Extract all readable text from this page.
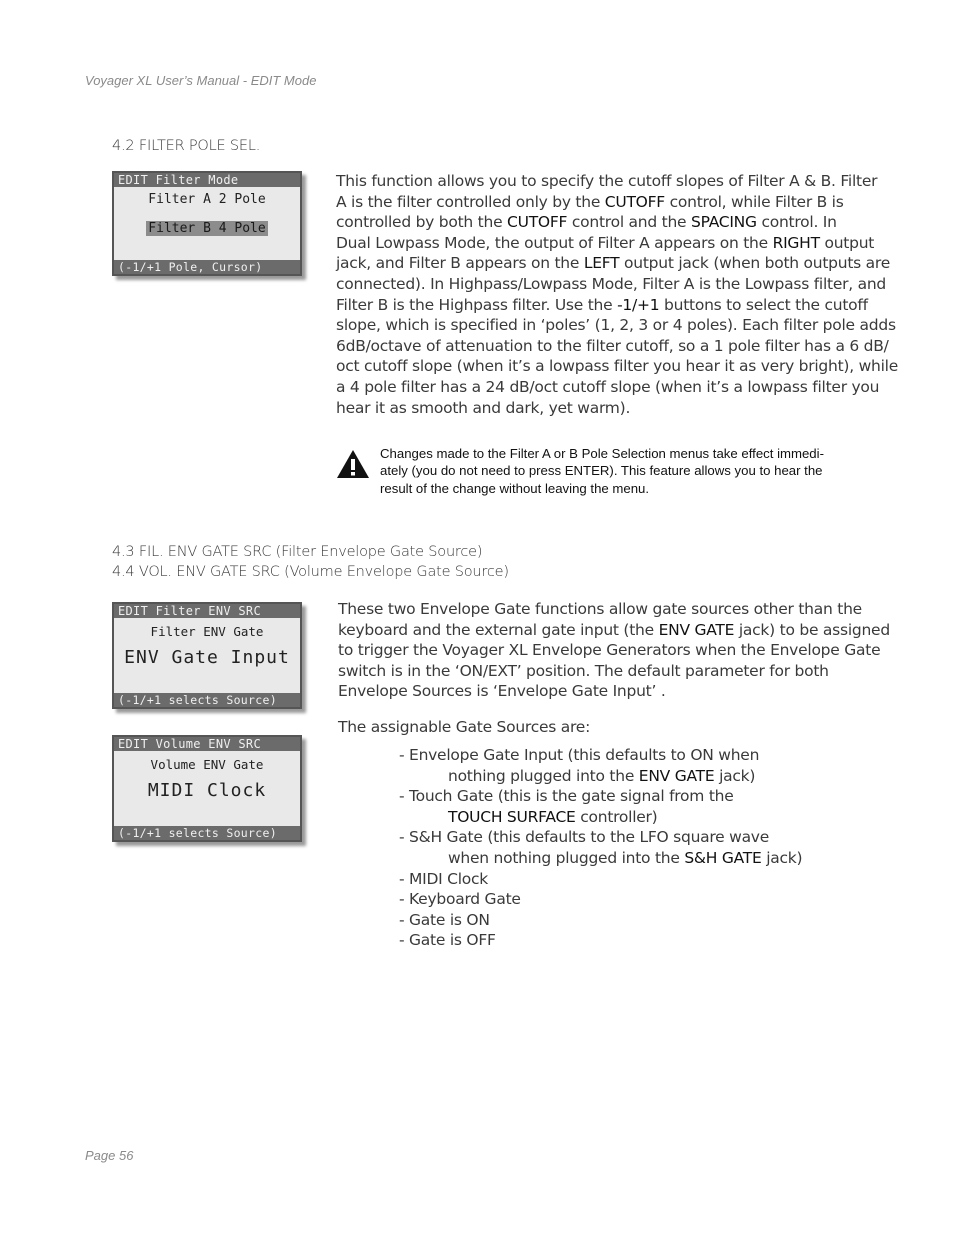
Voyager XL User’s Manual - EDIT Mode
4.2 FILTER POLE SEL.
EDIT Filter Mode
Filter A 2 Pole
Filter B 4 Pole
(-1/+1 Pole, Cursor)

This function allows you to specify the cutoff slopes of Filter A & B. Filter

A is the filter controlled only by the CUTOFF control, while Filter B is

controlled by both the CUTOFF control and the SPACING control. In

Dual Lowpass Mode, the output of Filter A appears on the RIGHT output

jack, and Filter B appears on the LEFT output jack (when both outputs are

connected). In Highpass/Lowpass Mode, Filter A is the Lowpass filter, and

Filter B is the Highpass filter. Use the -1/+1 buttons to select the cutoff

slope, which is specified in ‘poles’ (1, 2, 3 or 4 poles). Each filter pole adds

6dB/octave of attenuation to the filter cutoff, so a 1 pole filter has a 6 dB/

oct cutoff slope (when it’s a lowpass filter you hear it as very bright), while

a 4 pole filter has a 24 dB/oct cutoff slope (when it’s a lowpass filter you

hear it as smooth and dark, yet warm).

Changes made to the Filter A or B Pole Selection menus take effect immedi-

ately (you do not need to press ENTER). This feature allows you to hear the

result of the change without leaving the menu.

4.3 FIL. ENV GATE SRC (Filter Envelope Gate Source)
4.4 VOL. ENV GATE SRC (Volume Envelope Gate Source)
EDIT Filter ENV SRC
Filter ENV Gate
ENV Gate Input
(-1/+1 selects Source)
EDIT Volume ENV SRC
Volume ENV Gate
MIDI Clock
(-1/+1 selects Source)

These two Envelope Gate functions allow gate sources other than the

keyboard and the external gate input (the ENV GATE jack) to be assigned

to trigger the Voyager XL Envelope Generators when the Envelope Gate

switch is in the ‘ON/EXT’ position. The default parameter for both

Envelope Sources is ‘Envelope Gate Input’ .

The assignable Gate Sources are:
- Envelope Gate Input (this defaults to ON when
nothing plugged into the ENV GATE jack)
- Touch Gate (this is the gate signal from the
TOUCH SURFACE controller)
- S&H Gate (this defaults to the LFO square wave
when nothing plugged into the S&H GATE jack)
- MIDI Clock
- Keyboard Gate
- Gate is ON
- Gate is OFF
Page 56
